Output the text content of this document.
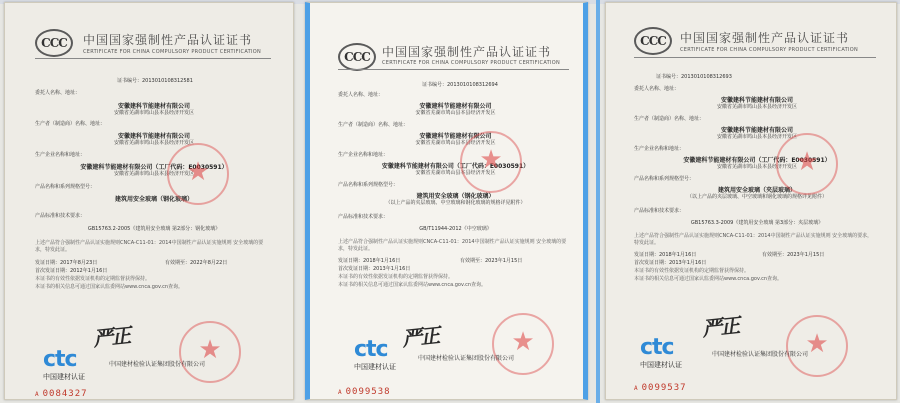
CCC	中国国家强制性产品认证证书
CERTIFICATE FOR CHINA COMPULSORY PRODUCT CERTIFICATION
证书编号：2013010108312581
委托人名称、地址：
安徽建科节能建材有限公司
安徽省芜湖市鸠山县本县经济开发区
生产者（制造商）名称、地址：
安徽建科节能建材有限公司
安徽省芜湖市鸠山县本县经济开发区
生产企业名称和地址：
安徽建科节能建材有限公司（工厂代码：E0030591）
安徽省芜湖市鸠山县本县经济开发区
产品名称和系列规格型号：
建筑用安全玻璃（钢化玻璃）
产品标准和技术要求：
GB15763.2-2005《建筑用安全玻璃 第2部分：钢化玻璃》
上述产品符合强制性产品认证实施规则CNCA-C11-01：2014中国制性产品认证实施规则 安全玻璃的要求，特发此证。
发证日期：2017年8月23日	有效期至：2022年8月22日
首次发证日期：2012年1月16日
本证书的有效性依据发证机构的定期监督获得保持。
本证书的相关信息可通过国家认监委网站www.cnca.gov.cn查询。
★
★
严正
ctc
中国建材认证
中国建材检验认证集团股份有限公司
A 0084327
CCC	中国国家强制性产品认证证书
CERTIFICATE FOR CHINA COMPULSORY PRODUCT CERTIFICATION
证书编号：2013010108312694
委托人名称、地址：
安徽建科节能建材有限公司
安徽省芜湖市鸠山县本县经济开发区
生产者（制造商）名称、地址：
安徽建科节能建材有限公司
安徽省芜湖市鸠山县本县经济开发区
生产企业名称和地址：
安徽建科节能建材有限公司（工厂代码：E0030591）
安徽省芜湖市鸠山县本县经济开发区
产品名称和系列规格型号：
建筑用安全玻璃（钢化玻璃）
（以上产品的夹层玻璃、中空玻璃和钢化玻璃的规格详见附件）
产品标准和技术要求：
GB/T11944-2012《中空玻璃》
上述产品符合强制性产品认证实施规则CNCA-C11-01：2014中国制性产品认证实施规则 安全玻璃的要求，特发此证。
发证日期：2018年1月16日	有效期至：2023年1月15日
首次发证日期：2013年1月16日
本证书的有效性依据发证机构的定期监督获得保持。
本证书的相关信息可通过国家认监委网站www.cnca.gov.cn查询。
★
★
严正
ctc
中国建材认证
中国建材检验认证集团股份有限公司
A 0099538
CCC	中国国家强制性产品认证证书
CERTIFICATE FOR CHINA COMPULSORY PRODUCT CERTIFICATION
证书编号：2013010108312693
委托人名称、地址：
安徽建科节能建材有限公司
安徽省芜湖市鸠山县本县经济开发区
生产者（制造商）名称、地址：
安徽建科节能建材有限公司
安徽省芜湖市鸠山县本县经济开发区
生产企业名称和地址：
安徽建科节能建材有限公司（工厂代码：E0030591）
安徽省芜湖市鸠山县本县经济开发区
产品名称和系列规格型号：
建筑用安全玻璃（夹层玻璃）
（以上产品的夹层玻璃、中空玻璃和钢化玻璃的规格详见附件）
产品标准和技术要求：
GB15763.3-2009《建筑用安全玻璃 第3部分：夹层玻璃》
上述产品符合强制性产品认证实施规则CNCA-C11-01：2014中国制性产品认证实施规则 安全玻璃的要求，特发此证。
发证日期：2018年1月16日	有效期至：2023年1月15日
首次发证日期：2013年1月16日
本证书的有效性依据发证机构的定期监督获得保持。
本证书的相关信息可通过国家认监委网站www.cnca.gov.cn查询。
★
★
严正
ctc
中国建材认证
中国建材检验认证集团股份有限公司
A 0099537
